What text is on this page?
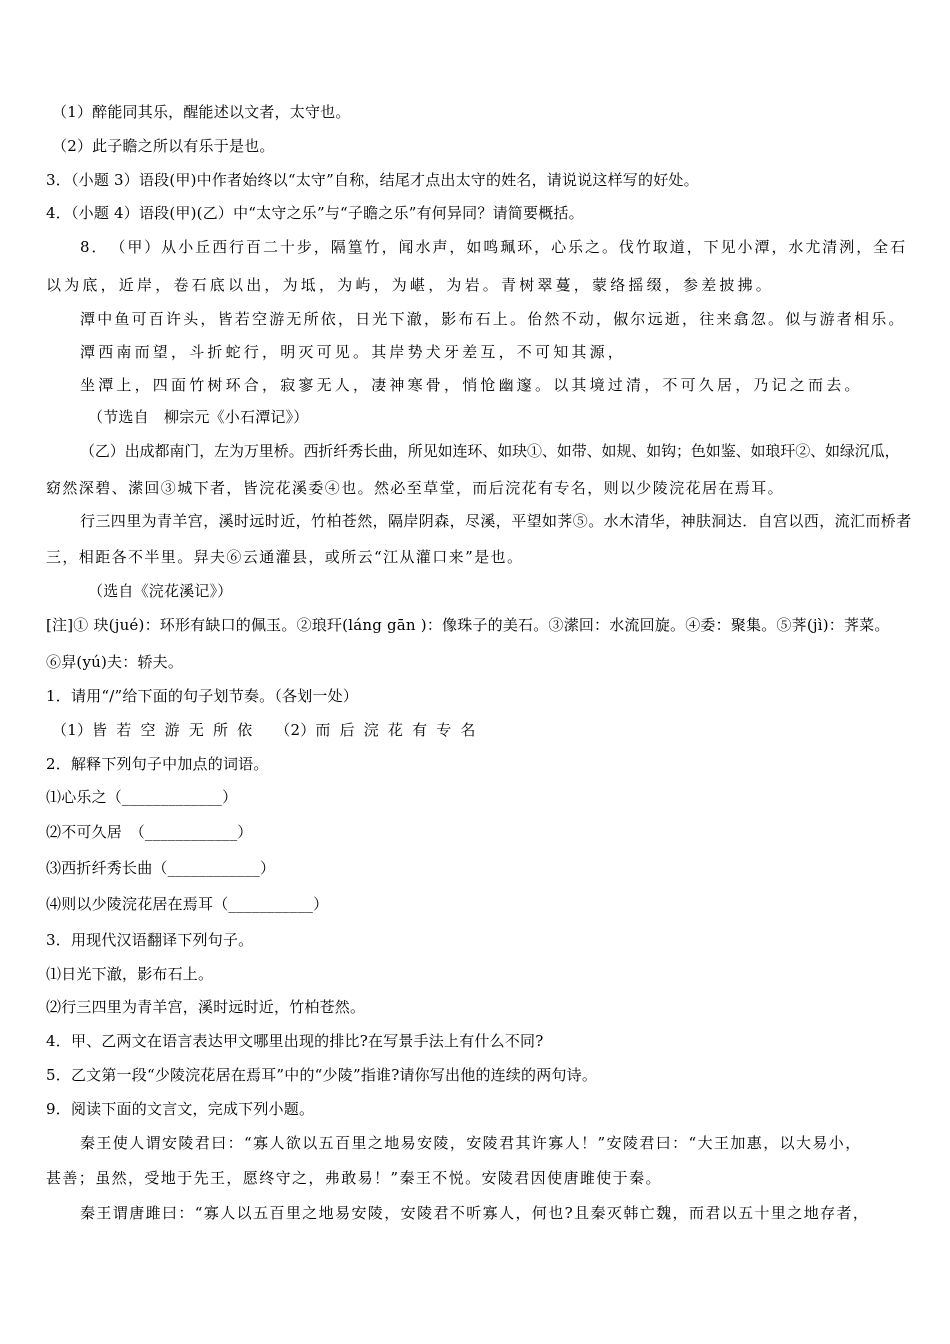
（1）醉能同其乐，醒能述以文者，太守也。
（2）此子瞻之所以有乐于是也。
3．（小题 3）语段(甲)中作者始终以“太守”自称，结尾才点出太守的姓名，请说说这样写的好处。
4．（小题 4）语段(甲)(乙）中“太守之乐”与“子瞻之乐”有何异同？请简要概括。
8．　（甲）从小丘西行百二十步，隔篁竹，闻水声，如鸣珮环，心乐之。伐竹取道，下见小潭，水尤清洌，全石
以为底，近岸，卷石底以出，为坻，为屿，为嵁，为岩。青树翠蔓，蒙络摇缀，参差披拂。
潭中鱼可百许头，皆若空游无所依，日光下澈，影布石上。佁然不动，俶尔远逝，往来翕忽。似与游者相乐。
潭西南而望，斗折蛇行，明灭可见。其岸势犬牙差互，不可知其源，
坐潭上，四面竹树环合，寂寥无人，凄神寒骨，悄怆幽邃。以其境过清，不可久居，乃记之而去。
（节选自　柳宗元《小石潭记》）
（乙）出成都南门，左为万里桥。西折纤秀长曲，所见如连环、如玦①、如带、如规、如钩；色如鉴、如琅玕②、如绿沉瓜，
窈然深碧、潆回③城下者，皆浣花溪委④也。然必至草堂，而后浣花有专名，则以少陵浣花居在焉耳。
行三四里为青羊宫，溪时远时近，竹柏苍然，隔岸阴森，尽溪，平望如荠⑤。水木清华，神肤洞达．自宫以西，流汇而桥者
三，相距各不半里。舁夫⑥云通灌县，或所云“江从灌口来”是也。
（选自《浣花溪记》）
[注]① 玦(jué)：环形有缺口的佩玉。②琅玕(láng gān )：像珠子的美石。③潆回：水流回旋。④委：聚集。⑤荠(jì)：荠菜。
⑥舁(yú)夫：轿夫。
1．请用“/”给下面的句子划节奏。（各划一处）
（1）皆 若 空 游 无 所 依　　（2）而 后 浣 花 有 专 名
2．解释下列句子中加点的词语。
⑴心乐之（_____________）
⑵不可久居　（____________）
⑶西折纤秀长曲（____________）
⑷则以少陵浣花居在焉耳（___________）
3．用现代汉语翻译下列句子。
⑴日光下澈，影布石上。
⑵行三四里为青羊宫，溪时远时近，竹柏苍然。
4．甲、乙两文在语言表达甲文哪里出现的排比?在写景手法上有什么不同?
5．乙文第一段“少陵浣花居在焉耳”中的“少陵”指谁?请你写出他的连续的两句诗。
9．阅读下面的文言文，完成下列小题。
秦王使人谓安陵君曰：“寡人欲以五百里之地易安陵，安陵君其许寡人！”安陵君曰：“大王加惠，以大易小，
甚善；虽然，受地于先王，愿终守之，弗敢易！”秦王不悦。安陵君因使唐雎使于秦。
秦王谓唐雎曰：“寡人以五百里之地易安陵，安陵君不听寡人，何也?且秦灭韩亡魏，而君以五十里之地存者，
